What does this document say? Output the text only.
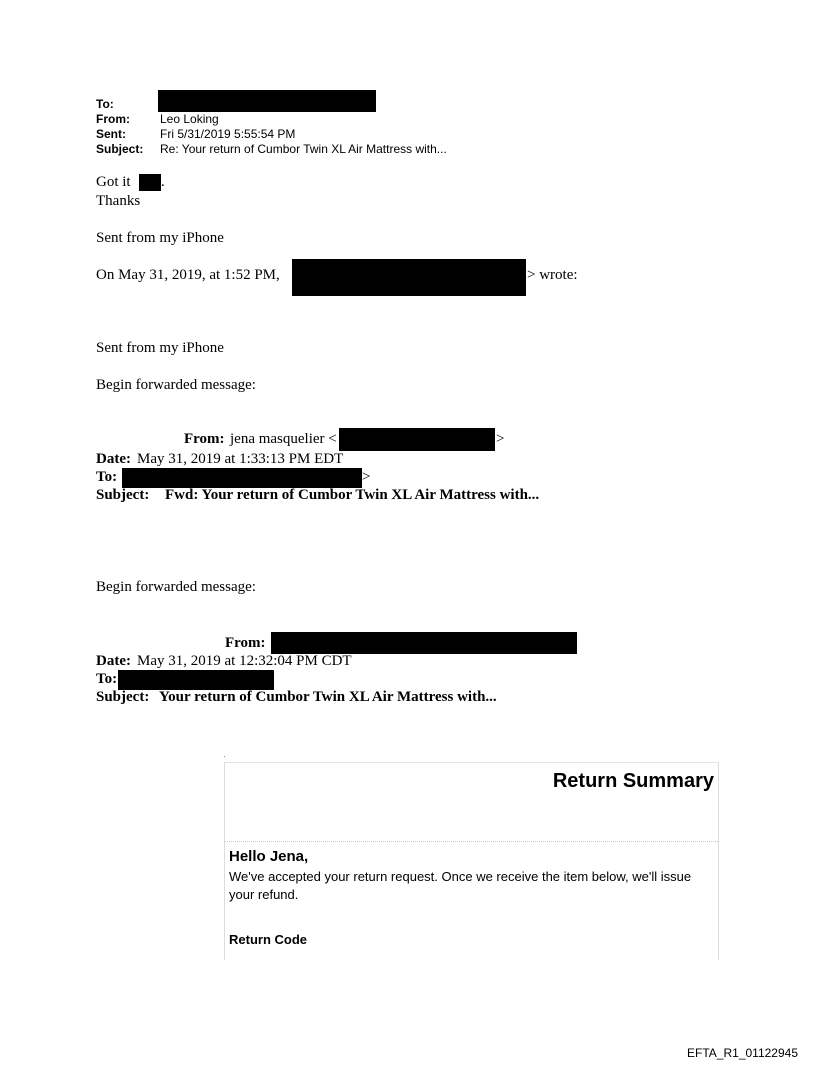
To:
From:	Leo Loking
Sent:	Fri 5/31/2019 5:55:54 PM
Subject: Re: Your return of Cumbor Twin XL Air Mattress with...
Got it .
Thanks
Sent from my iPhone
On May 31, 2019, at 1:52 PM,	> wrote:
Sent from my iPhone
Begin forwarded message:
From: jena masquelier <	>
Date: May 31, 2019 at 1:33:13 PM EDT
To:	>
Subject: Fwd: Your return of Cumbor Twin XL Air Mattress with...
Begin forwarded message:
From:
Date: May 31, 2019 at 12:32:04 PM CDT
To:
Subject: Your return of Cumbor Twin XL Air Mattress with...
Return Summary
Hello Jena,
We've accepted your return request. Once we receive the item below, we'll issue your refund.
Return Code
EFTA_R1_01122945
